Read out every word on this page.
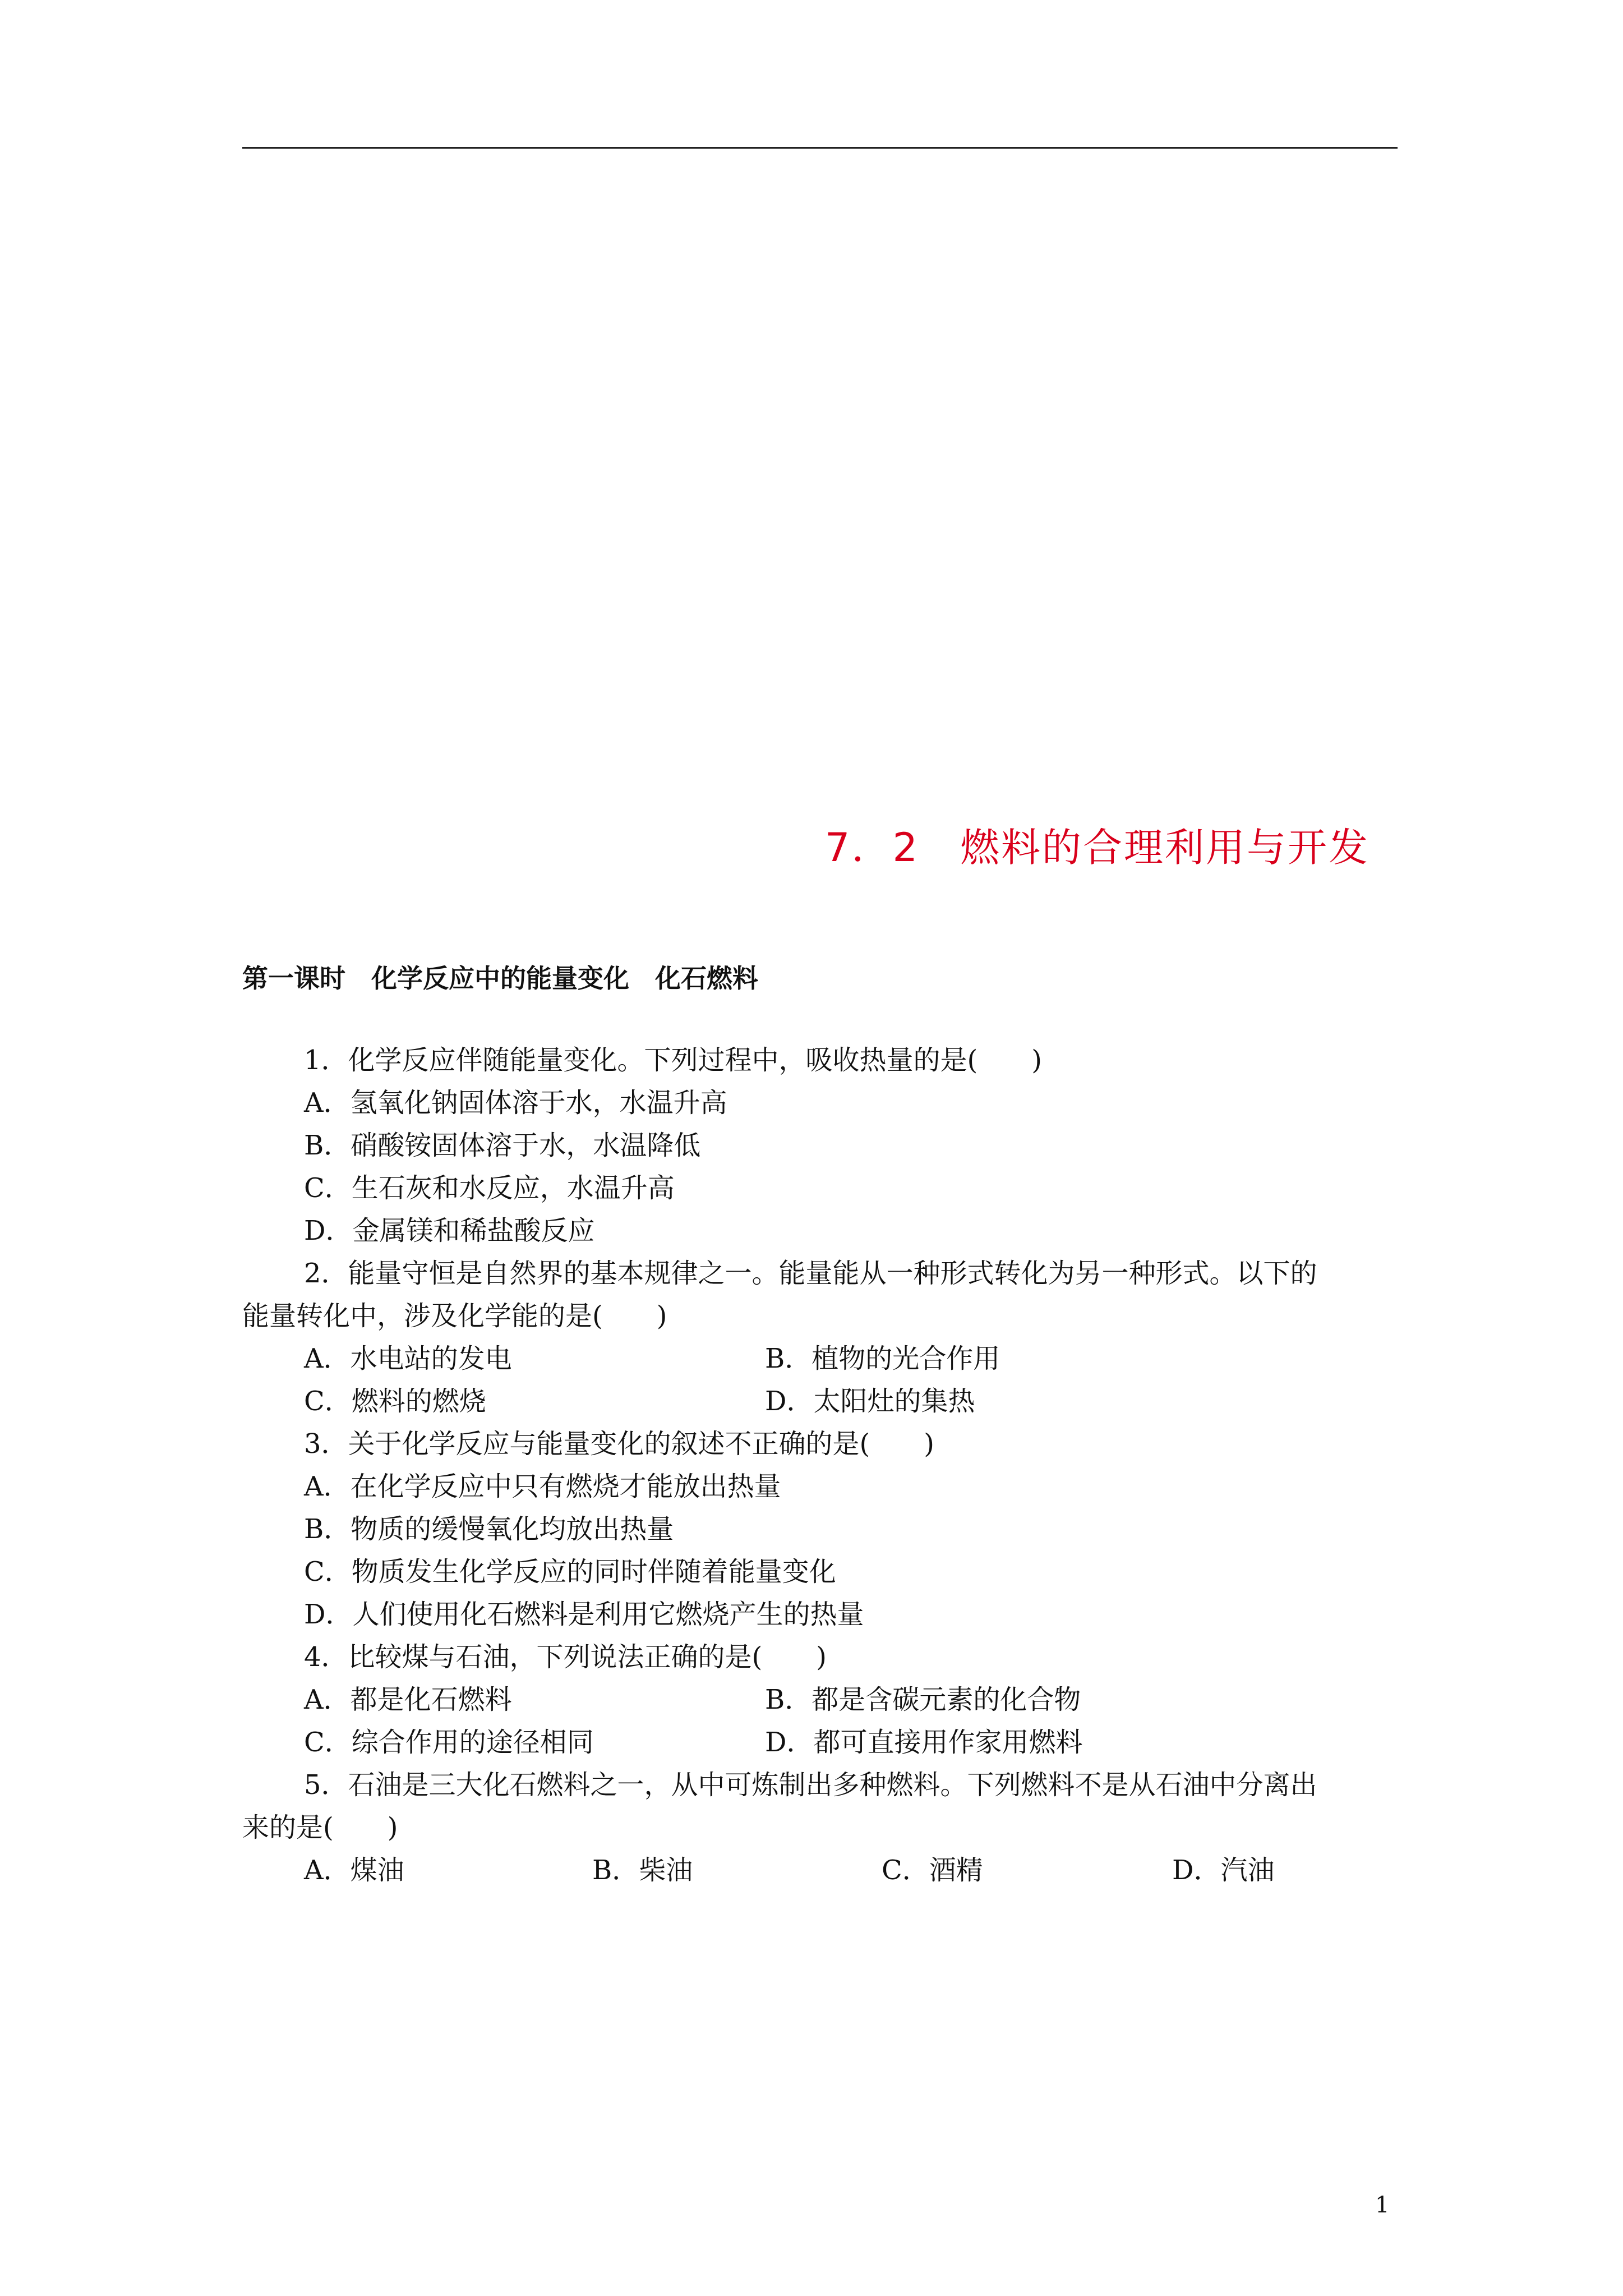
7．2　燃料的合理利用与开发
第一课时　化学反应中的能量变化　化石燃料
1．化学反应伴随能量变化。下列过程中，吸收热量的是(　　)
A．氢氧化钠固体溶于水，水温升高
B．硝酸铵固体溶于水，水温降低
C．生石灰和水反应，水温升高
D．金属镁和稀盐酸反应
2．能量守恒是自然界的基本规律之一。能量能从一种形式转化为另一种形式。以下的
能量转化中，涉及化学能的是(　　)

A．水电站的发电

	B．植物的光合作用

C．燃料的燃烧

	D．太阳灶的集热

3．关于化学反应与能量变化的叙述不正确的是(　　)
A．在化学反应中只有燃烧才能放出热量
B．物质的缓慢氧化均放出热量
C．物质发生化学反应的同时伴随着能量变化
D．人们使用化石燃料是利用它燃烧产生的热量
4．比较煤与石油，下列说法正确的是(　　)

A．都是化石燃料

	B．都是含碳元素的化合物

C．综合作用的途径相同

	D．都可直接用作家用燃料

5．石油是三大化石燃料之一，从中可炼制出多种燃料。下列燃料不是从石油中分离出
来的是(　　)

A．煤油

	B．柴油

	C．酒精

	D．汽油

1
